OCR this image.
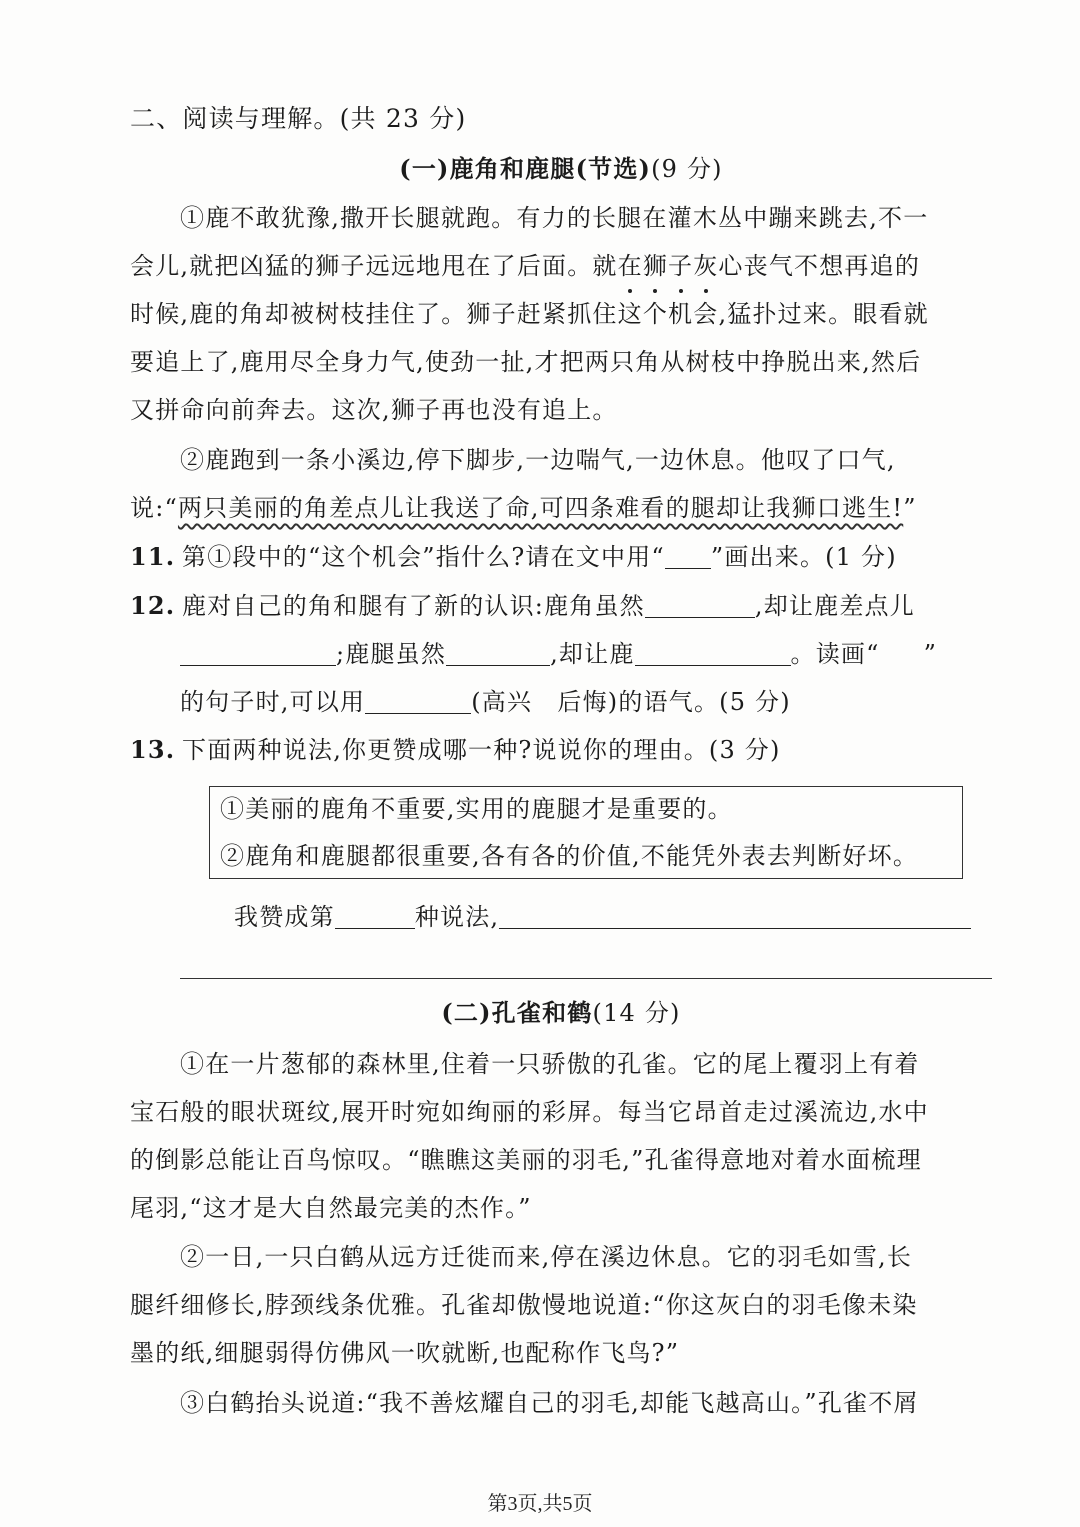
二、阅读与理解。(共 23 分)
(一)鹿角和鹿腿(节选)(9 分)
①鹿不敢犹豫,撒开长腿就跑。有力的长腿在灌木丛中蹦来跳去,不一
会儿,就把凶猛的狮子远远地甩在了后面。就在狮子灰心丧气不想再追的
时候,鹿的角却被树枝挂住了。狮子赶紧抓住
这个机会,猛扑过来。眼看就
要追上了,鹿用尽全身力气,使劲一扯,才把两只角从树枝中挣脱出来,然后
又拼命向前奔去。这次,狮子再也没有追上。
②鹿跑到一条小溪边,停下脚步,一边喘气,一边休息。他叹了口气,
说:“两只美丽的角差点儿让我送了命,可四条难看的腿却让我狮口逃生!”
11. 第①段中的“这个机会”指什么?请在文中用“ ”画出来。(1 分)
12. 鹿对自己的角和腿有了新的认识:鹿角虽然	,却让鹿差点儿
;鹿腿虽然	,却让鹿	。读画“ ”
的句子时,可以用	(高兴　后悔)的语气。(5 分)
13. 下面两种说法,你更赞成哪一种?说说你的理由。(3 分)
①美丽的鹿角不重要,实用的鹿腿才是重要的。
②鹿角和鹿腿都很重要,各有各的价值,不能凭外表去判断好坏。
我赞成第	种说法,
(二)孔雀和鹤(14 分)
①在一片葱郁的森林里,住着一只骄傲的孔雀。它的尾上覆羽上有着
宝石般的眼状斑纹,展开时宛如绚丽的彩屏。每当它昂首走过溪流边,水中
的倒影总能让百鸟惊叹。“瞧瞧这美丽的羽毛,”孔雀得意地对着水面梳理
尾羽,“这才是大自然最完美的杰作。”
②一日,一只白鹤从远方迁徙而来,停在溪边休息。它的羽毛如雪,长
腿纤细修长,脖颈线条优雅。孔雀却傲慢地说道:“你这灰白的羽毛像未染
墨的纸,细腿弱得仿佛风一吹就断,也配称作飞鸟?”
③白鹤抬头说道:“我不善炫耀自己的羽毛,却能飞越高山。”孔雀不屑
第3页,共5页
